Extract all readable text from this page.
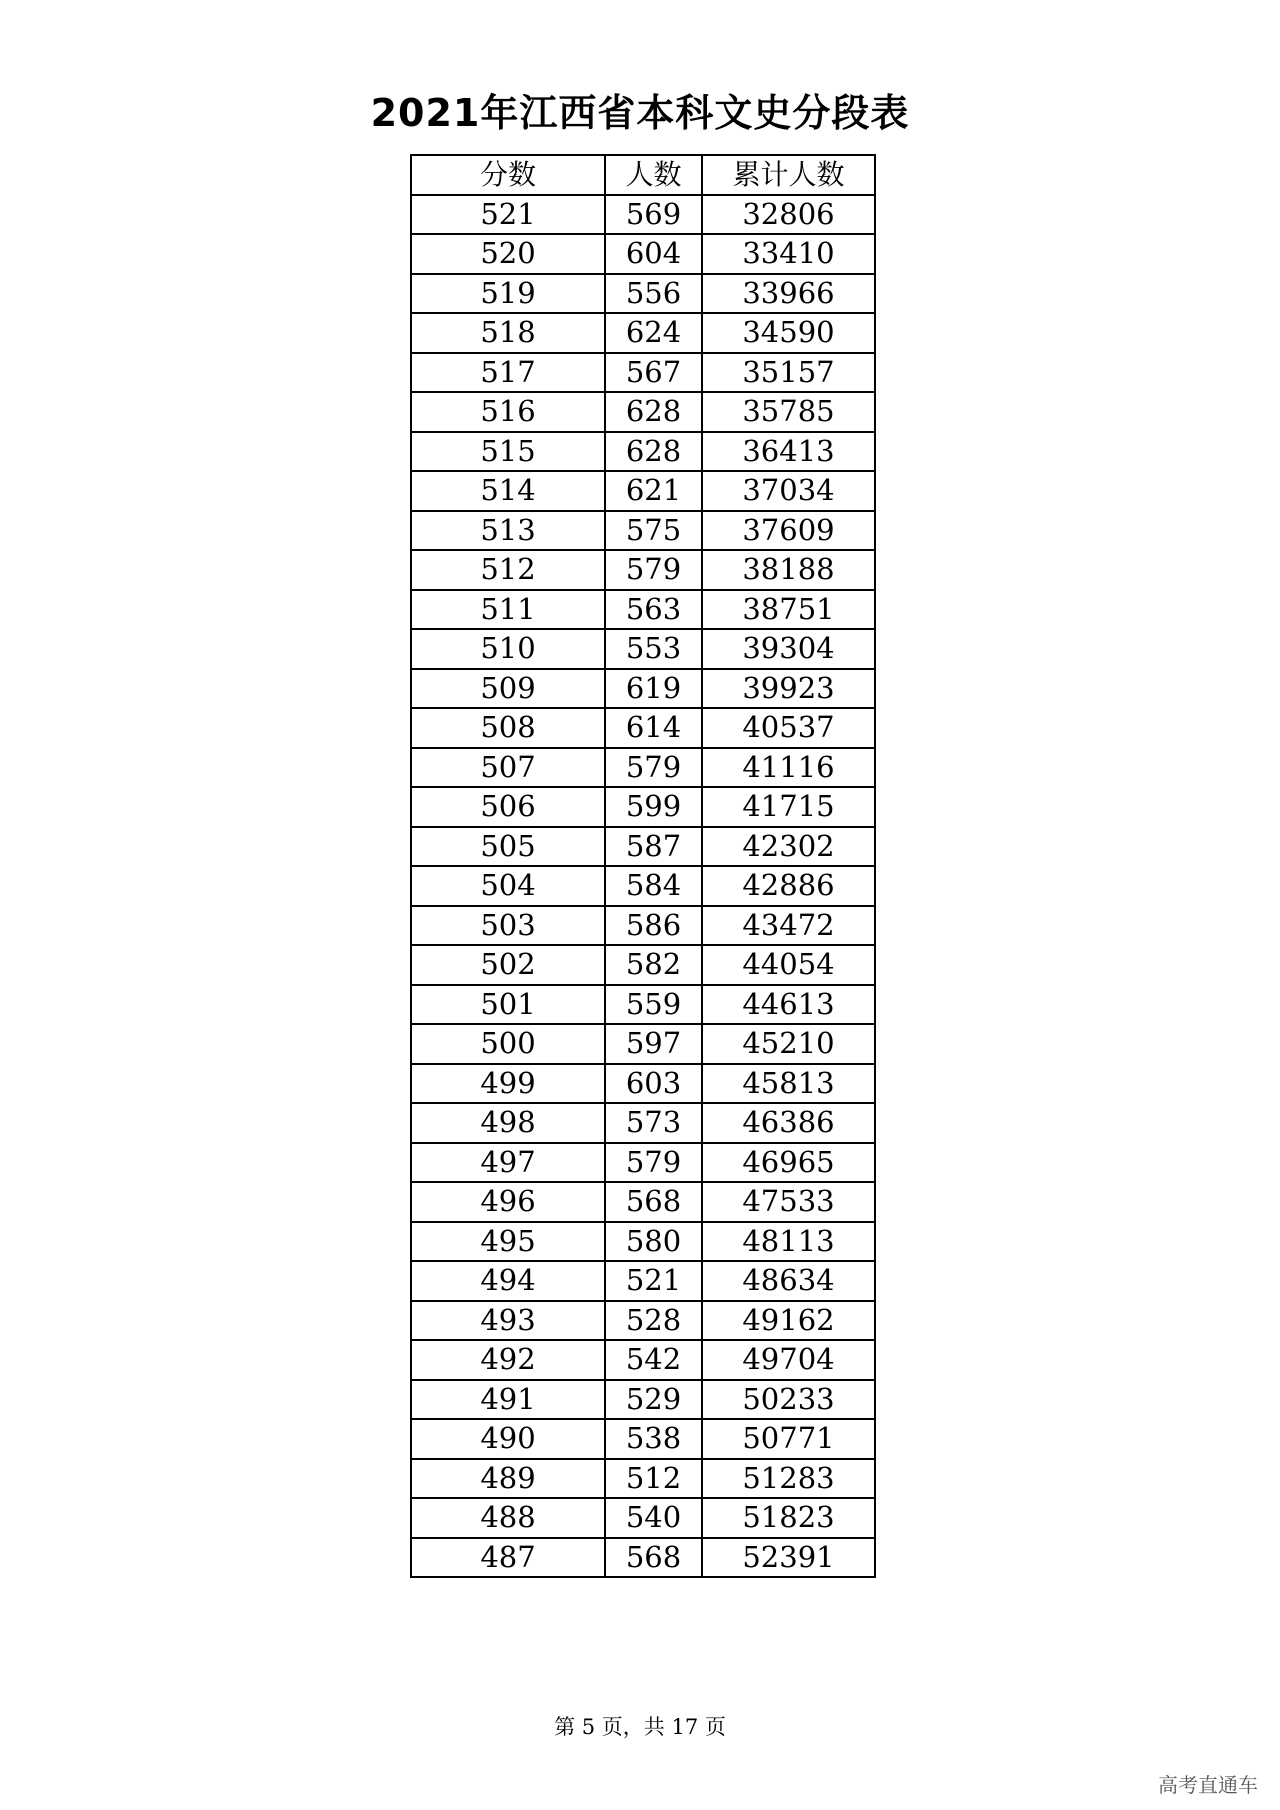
2021年江西省本科文史分段表
分数	人数	累计人数
521	569	32806
520	604	33410
519	556	33966
518	624	34590
517	567	35157
516	628	35785
515	628	36413
514	621	37034
513	575	37609
512	579	38188
511	563	38751
510	553	39304
509	619	39923
508	614	40537
507	579	41116
506	599	41715
505	587	42302
504	584	42886
503	586	43472
502	582	44054
501	559	44613
500	597	45210
499	603	45813
498	573	46386
497	579	46965
496	568	47533
495	580	48113
494	521	48634
493	528	49162
492	542	49704
491	529	50233
490	538	50771
489	512	51283
488	540	51823
487	568	52391
第 5 页，共 17 页
高考直通车
